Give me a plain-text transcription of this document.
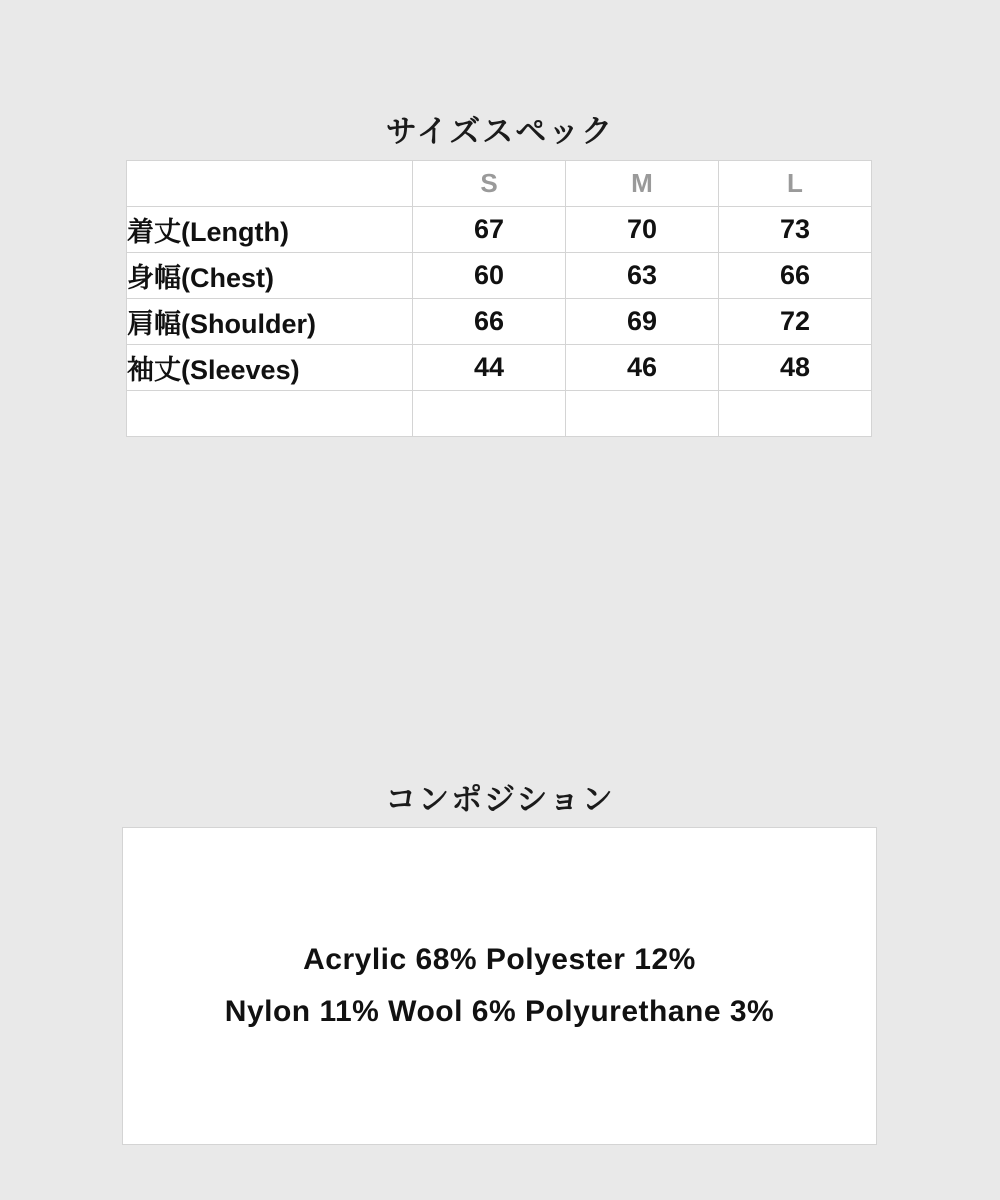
サイズスペック
	S	M	L
着丈(Length)	67	70	73
身幅(Chest)	60	63	66
肩幅(Shoulder)	66	69	72
袖丈(Sleeves)	44	46	48

コンポジション
Acrylic 68% Polyester 12%
Nylon 11% Wool 6% Polyurethane 3%
